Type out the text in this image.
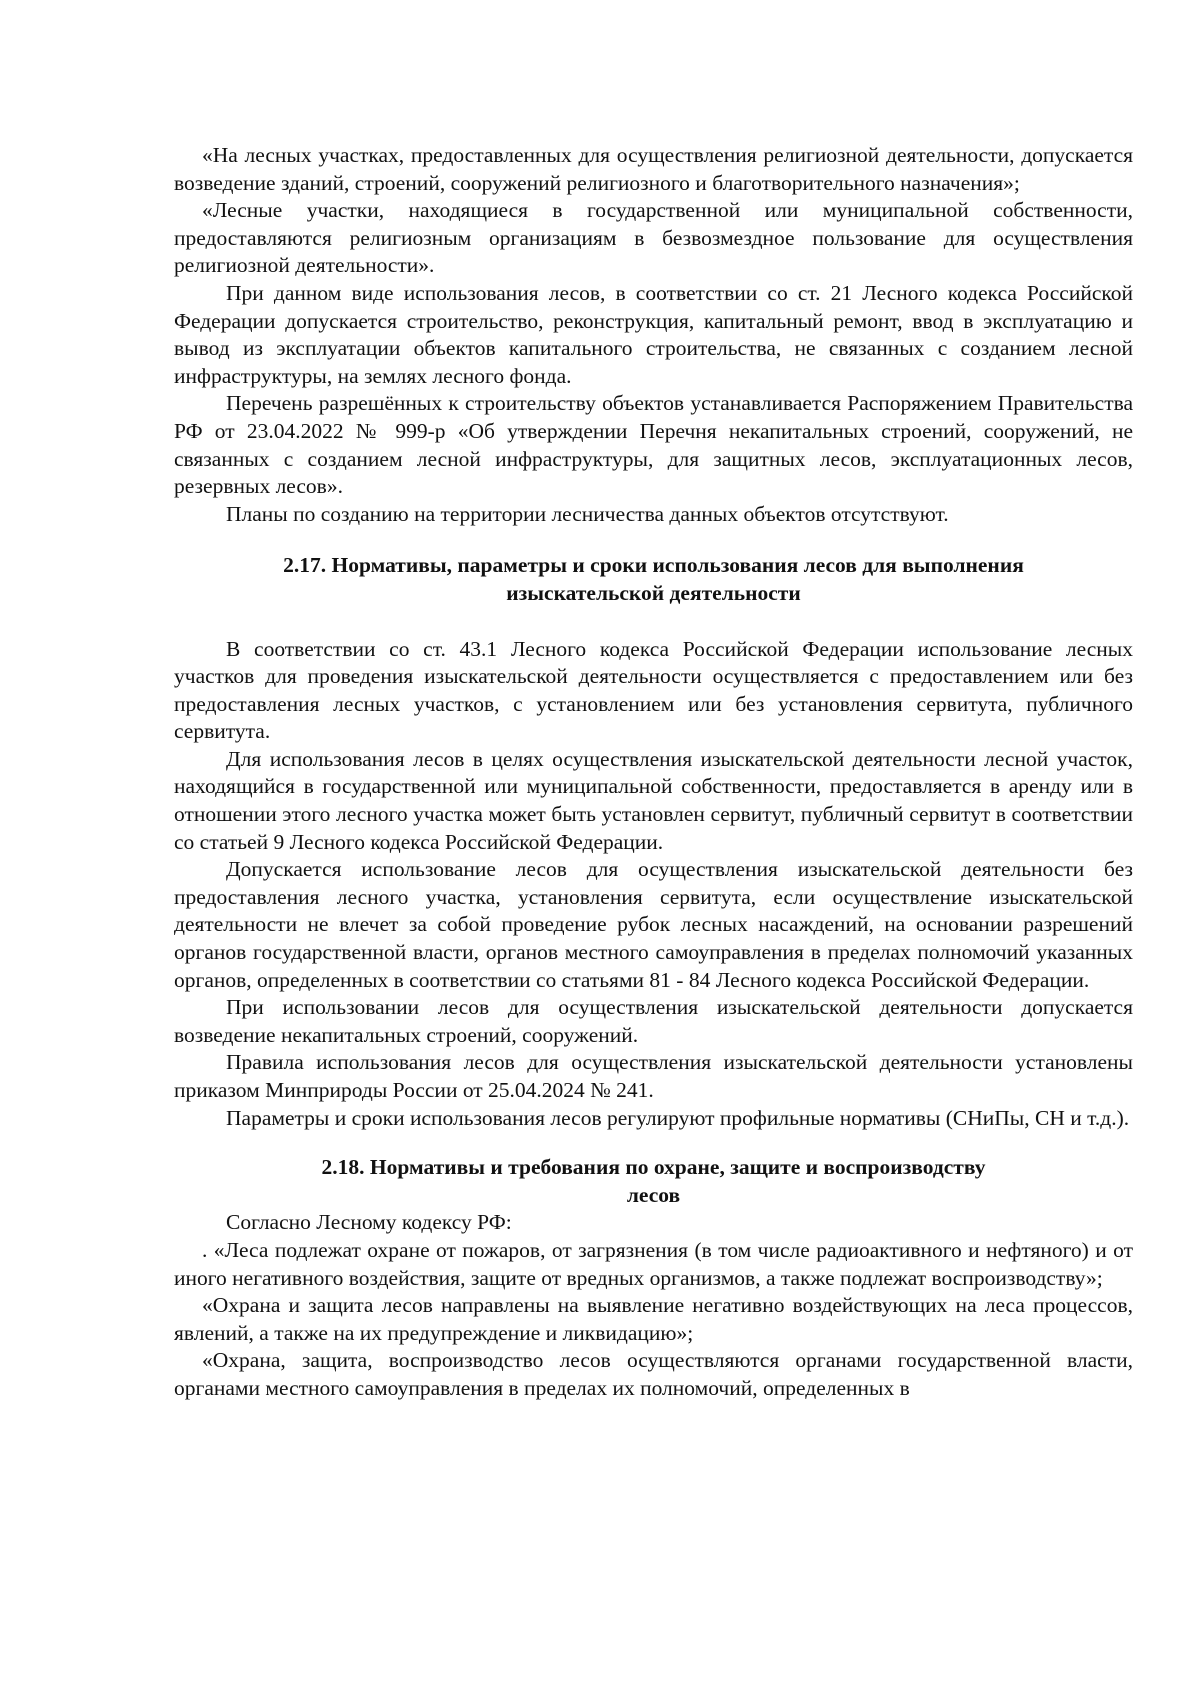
«На лесных участках, предоставленных для осуществления религиозной деятельности, допускается возведение зданий, строений, сооружений религиозного и благотворительного назначения»;

«Лесные участки, находящиеся в государственной или муниципальной собственности, предоставляются религиозным организациям в безвозмездное пользование для осуществления религиозной деятельности».

При данном виде использования лесов, в соответствии со ст. 21 Лесного кодекса Российской Федерации допускается строительство, реконструкция, капитальный ремонт, ввод в эксплуатацию и вывод из эксплуатации объектов капитального строительства, не связанных с созданием лесной инфраструктуры, на землях лесного фонда.

Перечень разрешённых к строительству объектов устанавливается Распоряжением Правительства РФ от 23.04.2022 № 999-р «Об утверждении Перечня некапитальных строений, сооружений, не связанных с созданием лесной инфраструктуры, для защитных лесов, эксплуатационных лесов, резервных лесов».

Планы по созданию на территории лесничества данных объектов отсутствуют.

2.17. Нормативы, параметры и сроки использования лесов для выполнения
изыскательской деятельности

В соответствии со ст. 43.1 Лесного кодекса Российской Федерации использование лесных участков для проведения изыскательской деятельности осуществляется с предоставлением или без предоставления лесных участков, с установлением или без установления сервитута, публичного сервитута.

Для использования лесов в целях осуществления изыскательской деятельности лесной участок, находящийся в государственной или муниципальной собственности, предоставляется в аренду или в отношении этого лесного участка может быть установлен сервитут, публичный сервитут в соответствии со статьей 9 Лесного кодекса Российской Федерации.

Допускается использование лесов для осуществления изыскательской деятельности без предоставления лесного участка, установления сервитута, если осуществление изыскательской деятельности не влечет за собой проведение рубок лесных насаждений, на основании разрешений органов государственной власти, органов местного самоуправления в пределах полномочий указанных органов, определенных в соответствии со статьями 81 - 84 Лесного кодекса Российской Федерации.

При использовании лесов для осуществления изыскательской деятельности допускается возведение некапитальных строений, сооружений.

Правила использования лесов для осуществления изыскательской деятельности установлены приказом Минприроды России от 25.04.2024 № 241.

Параметры и сроки использования лесов регулируют профильные нормативы (СНиПы, СН и т.д.).

2.18. Нормативы и требования по охране, защите и воспроизводству
лесов

Согласно Лесному кодексу РФ:

. «Леса подлежат охране от пожаров, от загрязнения (в том числе радиоактивного и нефтяного) и от иного негативного воздействия, защите от вредных организмов, а также подлежат воспроизводству»;

«Охрана и защита лесов направлены на выявление негативно воздействующих на леса процессов, явлений, а также на их предупреждение и ликвидацию»;

«Охрана, защита, воспроизводство лесов осуществляются органами государственной власти, органами местного самоуправления в пределах их полномочий, определенных в
